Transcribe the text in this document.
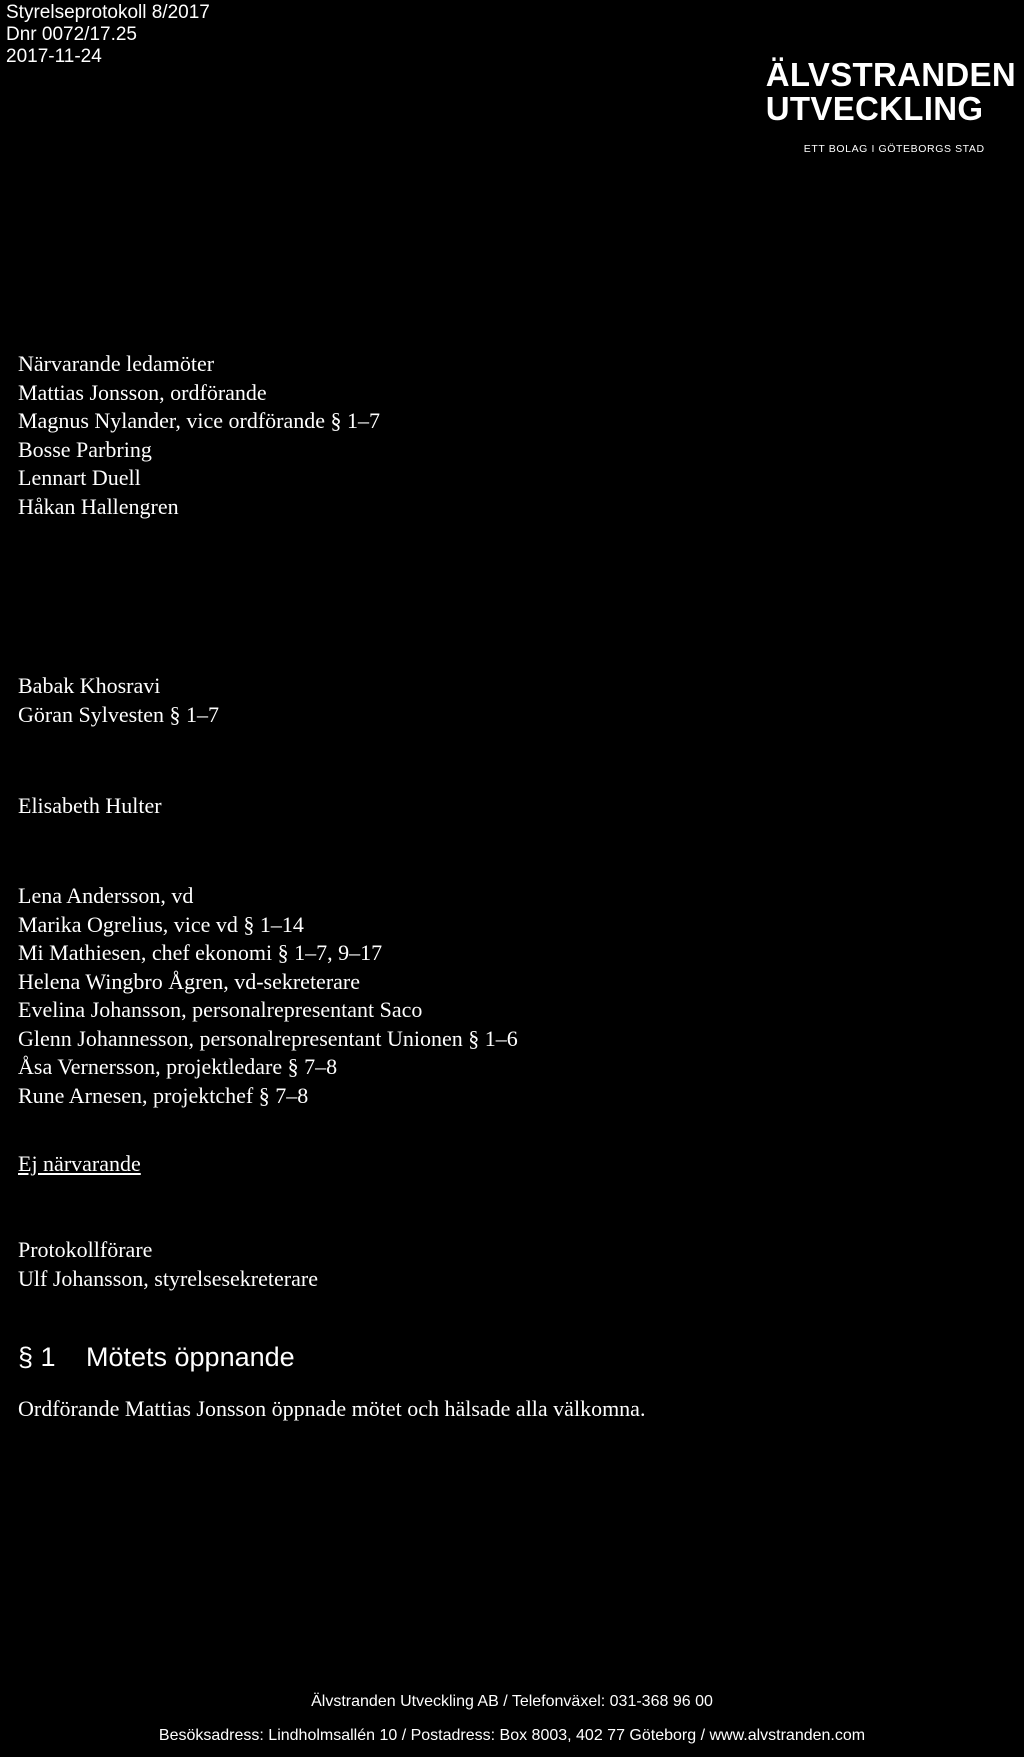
Styrelseprotokoll 8/2017
Dnr 0072/17.25
2017-11-24	ÄLVSTRANDEN
UTVECKLING
ETT BOLAG I GÖTEBORGS STAD
Närvarande ledamöter
Mattias Jonsson, ordförande
Magnus Nylander, vice ordförande § 1–7
Bosse Parbring
Lennart Duell
Håkan Hallengren
Babak Khosravi
Göran Sylvesten § 1–7
Elisabeth Hulter
Lena Andersson, vd
Marika Ogrelius, vice vd § 1–14
Mi Mathiesen, chef ekonomi § 1–7, 9–17
Helena Wingbro Ågren, vd-sekreterare
Evelina Johansson, personalrepresentant Saco
Glenn Johannesson, personalrepresentant Unionen § 1–6
Åsa Vernersson, projektledare § 7–8
Rune Arnesen, projektchef § 7–8
Ej närvarande
Protokollförare
Ulf Johansson, styrelsesekreterare
§ 1 Mötets öppnande
Ordförande Mattias Jonsson öppnade mötet och hälsade alla välkomna.
Älvstranden Utveckling AB / Telefonväxel: 031-368 96 00
Besöksadress: Lindholmsallén 10 / Postadress: Box 8003, 402 77 Göteborg / www.alvstranden.com
